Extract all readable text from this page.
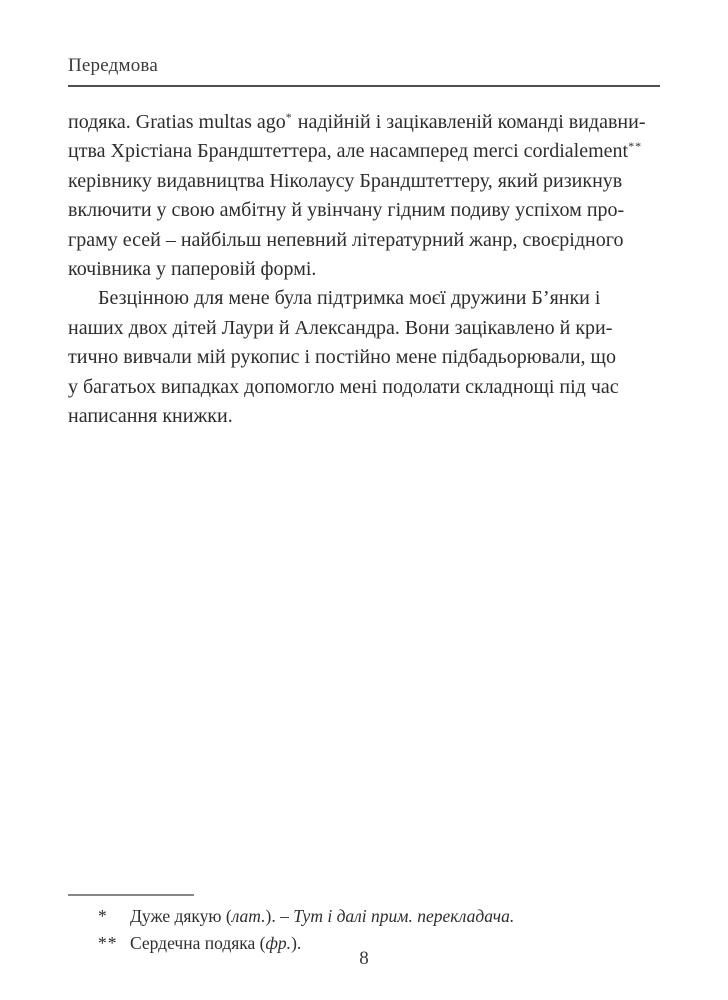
Передмова
подяка. Gratias multas ago* надійній і зацікавленій команді видавни-
цтва Хрістіана Брандштеттера, але насамперед merci cordialement**
керівнику видавництва Ніколаусу Брандштеттеру, який ризикнув
включити у свою амбітну й увінчану гідним подиву успіхом про-
граму есей – найбільш непевний літературний жанр, своєрідного
кочівника у паперовій формі.
Безцінною для мене була підтримка моєї дружини Б’янки і
наших двох дітей Лаури й Александра. Вони зацікавлено й кри-
тично вивчали мій рукопис і постійно мене підбадьорювали, що
у багатьох випадках допомогло мені подолати складнощі під час
написання книжки.
*	Дуже дякую (лат.). – Тут і далі прим. перекладача.
** Сердечна подяка (фр.).
8
